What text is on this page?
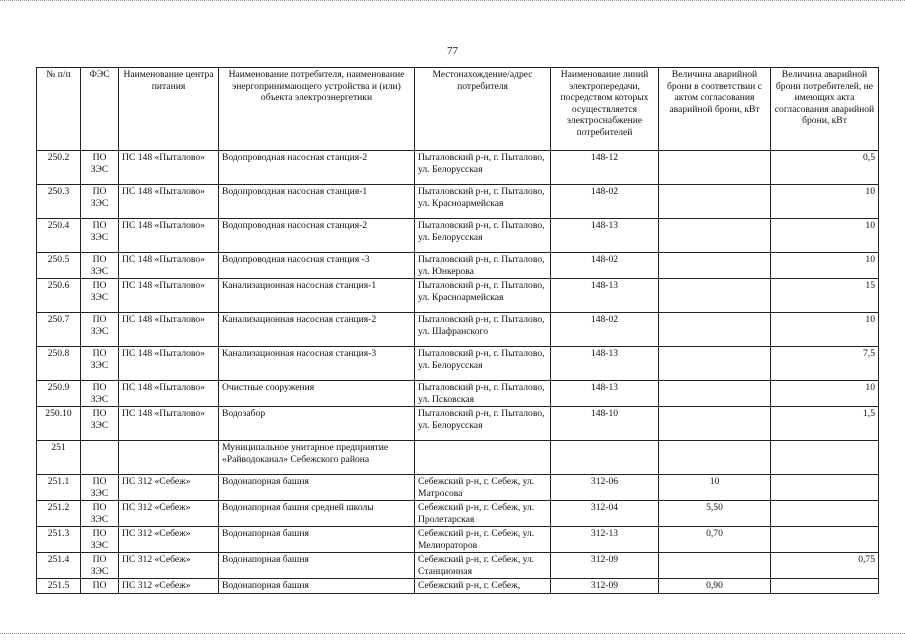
77
№ п/п	ФЭС	Наименование центра питания	Наименование потребителя, наименование энергопринимающего устройства и (или) объекта электроэнергетики	Местонахождение/адрес потребителя	Наименование линий электропередачи, посредством которых осуществляется электроснабжение потребителей	Величина аварийной брони в соответствии с актом согласования аварийной брони, кВт	Величина аварийной брони потребителей, не имеющих акта согласования аварийной брони, кВт
250.2	ПО ЗЭС	ПС 148 «Пыталово»	Водопроводная насосная станция-2	Пыталовский р-н, г. Пыталово, ул. Белорусская	148-12		0,5
250.3	ПО ЗЭС	ПС 148 «Пыталово»	Водопроводная насосная станция-1	Пыталовский р-н, г. Пыталово, ул. Красноармейская	148-02		10
250.4	ПО ЗЭС	ПС 148 «Пыталово»	Водопроводная насосная станция-2	Пыталовский р-н, г. Пыталово, ул. Белорусская	148-13		10
250.5	ПО ЗЭС	ПС 148 «Пыталово»	Водопроводная насосная станция -3	Пыталовский р-н, г. Пыталово, ул. Юнкерова	148-02		10
250.6	ПО ЗЭС	ПС 148 «Пыталово»	Канализационная насосная станция-1	Пыталовский р-н, г. Пыталово, ул. Красноармейская	148-13		15
250.7	ПО ЗЭС	ПС 148 «Пыталово»	Канализационная насосная станция-2	Пыталовский р-н, г. Пыталово, ул. Шафранского	148-02		10
250.8	ПО ЗЭС	ПС 148 «Пыталово»	Канализационная насосная станция-3	Пыталовский р-н, г. Пыталово, ул. Белорусская	148-13		7,5
250.9	ПО ЗЭС	ПС 148 «Пыталово»	Очистные сооружения	Пыталовский р-н, г. Пыталово, ул. Псковская	148-13		10
250.10	ПО ЗЭС	ПС 148 «Пыталово»	Водозабор	Пыталовский р-н, г. Пыталово, ул. Белорусская	148-10		1,5
251			Муниципальное унитарное предприятие «Райводоканал» Себежского района				
251.1	ПО ЗЭС	ПС 312 «Себеж»	Водонапорная башня	Себежский р-н, г. Себеж, ул. Матросова	312-06	10	
251.2	ПО ЗЭС	ПС 312 «Себеж»	Водонапорная башня средней школы	Себежский р-н, г. Себеж, ул. Пролетарская	312-04	5,50	
251.3	ПО ЗЭС	ПС 312 «Себеж»	Водонапорная башня	Себежский р-н, г. Себеж, ул. Мелиораторов	312-13	0,70	
251.4	ПО ЗЭС	ПС 312 «Себеж»	Водонапорная башня	Себежский р-н, г. Себеж, ул. Станционная	312-09		0,75
251.5	ПО	ПС 312 «Себеж»	Водонапорная башня	Себежский р-н, г. Себеж,	312-09	0,90	
